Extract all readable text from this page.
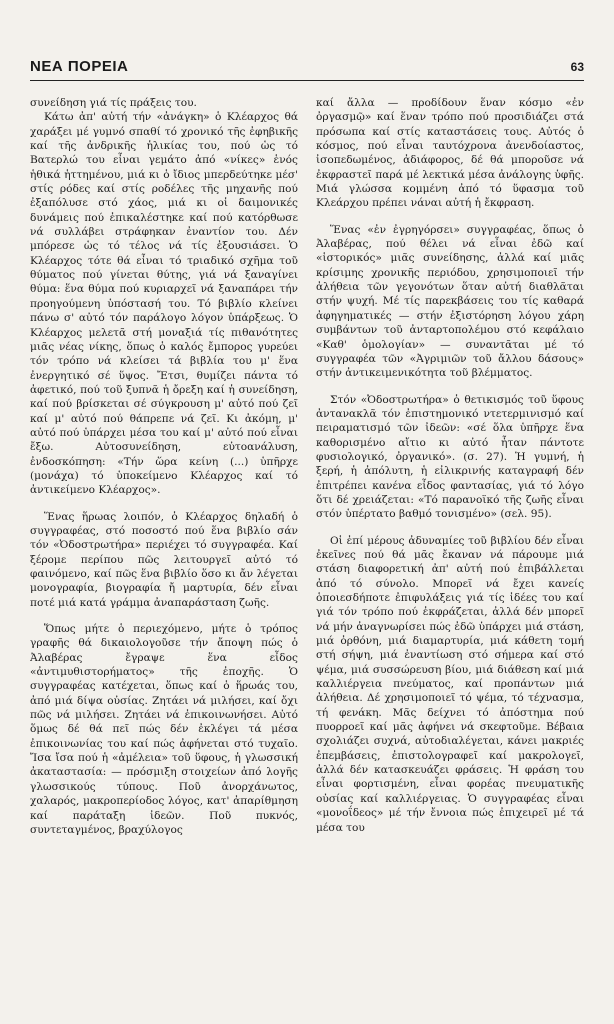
ΝΕΑ ΠΟΡΕΙΑ	63

συνείδηση γιά τίς πράξεις του.

Κάτω ἀπ' αὐτή τήν «ἀνάγκη» ὁ Κλέαρχος θά χαράξει μέ γυμνό σπαθί τό χρονικό τῆς ἐφηβικῆς καί τῆς ἀνδρικῆς ἡλικίας του, πού ὡς τό Βατερλώ του εἶναι γεμάτο ἀπό «νίκες» ἑνός ἡθικά ἡττημένου, μιά κι ὁ ἴδιος μπερδεύτηκε μέσ' στίς ρόδες καί στίς ροδέλες τῆς μηχανῆς πού ἐξαπόλυσε στό χάος, μιά κι οἱ δαιμονικές δυνάμεις πού ἐπικαλέστηκε καί πού κατόρθωσε νά συλλάβει στράφηκαν ἐναντίον του. Δέν μπόρεσε ὡς τό τέλος νά τίς ἐξουσιάσει. Ὁ Κλέαρχος τότε θά εἶναι τό τριαδικό σχῆμα τοῦ θύματος πού γίνεται θύτης, γιά νά ξαναγίνει θύμα: ἕνα θύμα πού κυριαρχεῖ νά ξαναπάρει τήν προηγούμενη ὑπόστασή του. Τό βιβλίο κλείνει πάνω σ' αὐτό τόν παράλογο λόγον ὑπάρξεως. Ὁ Κλέαρχος μελετᾶ στή μοναξιά τίς πιθανότητες μιᾶς νέας νίκης, ὅπως ὁ καλός ἔμπορος γυρεύει τόν τρόπο νά κλείσει τά βιβλία του μ' ἕνα ἐνεργητικό σέ ὕψος. Ἔτσι, θυμίζει πάντα τό ἀφετικό, πού τοῦ ξυπνᾶ ἡ ὄρεξη καί ἡ συνείδηση, καί πού βρίσκεται σέ σύγκρουση μ' αὐτό πού ζεῖ καί μ' αὐτό πού θάπρεπε νά ζεῖ. Κι ἀκόμη, μ' αὐτό πού ὑπάρχει μέσα του καί μ' αὐτό πού εἶναι ἔξω. Αὐτοσυνείδηση, εὐτοανάλυση, ἐνδοσκόπηση: «Τήν ὥρα κείνη (...) ὑπῆρχε (μονάχα) τό ὑποκείμενο Κλέαρχος καί τό ἀντικείμενο Κλέαρχος».

Ἕνας ἥρωας λοιπόν, ὁ Κλέαρχος δηλαδή ὁ συγγραφέας, στό ποσοστό πού ἕνα βιβλίο σάν τόν «Ὀδοστρωτήρα» περιέχει τό συγγραφέα. Καί ξέρομε περίπου πῶς λειτουργεῖ αὐτό τό φαινόμενο, καί πῶς ἕνα βιβλίο ὅσο κι ἄν λέγεται μονογραφία, βιογραφία ἤ μαρτυρία, δέν εἶναι ποτέ μιά κατά γράμμα ἀναπαράσταση ζωῆς.

Ὅπως μήτε ὁ περιεχόμενο, μήτε ὁ τρόπος γραφῆς θά δικαιολογοῦσε τήν ἄποψη πώς ὁ Ἀλαβέρας ἔγραψε ἕνα εἶδος «ἀντιμυθιστορήματος» τῆς ἐποχῆς. Ὁ συγγραφέας κατέχεται, ὅπως καί ὁ ἥρωάς του, ἀπό μιά δίψα οὐσίας. Ζητάει νά μιλήσει, καί ὄχι πῶς νά μιλήσει. Ζητάει νά ἐπικοινωνήσει. Αὐτό ὅμως δέ θά πεῖ πώς δέν ἐκλέγει τά μέσα ἐπικοινωνίας του καί πώς ἀφήνεται στό τυχαῖο. Ἴσα ἴσα πού ἡ «ἀμέλεια» τοῦ ὕφους, ἡ γλωσσική ἀκαταστασία: — πρόσμιξη στοιχείων ἀπό λογῆς γλωσσικούς τύπους. Ποῦ ἀνορχάνωτος, χαλαρός, μακροπερίοδος λόγος, κατ' ἀπαρίθμηση καί παράταξη ἰδεῶν. Ποῦ πυκνός, συντεταγμένος, βραχύλογος

καί ἄλλα — προδίδουν ἕναν κόσμο «ἐν ὀργασμῷ» καί ἕναν τρόπο πού προσιδιάζει στά πρόσωπα καί στίς καταστάσεις τους. Αὐτός ὁ κόσμος, πού εἶναι ταυτόχρονα ἀνενδοίαστος, ἰσοπεδωμένος, ἀδιάφορος, δέ θά μποροῦσε νά ἐκφραστεῖ παρά μέ λεκτικά μέσα ἀνάλογης ὑφῆς. Μιά γλώσσα κομμένη ἀπό τό ὕφασμα τοῦ Κλεάρχου πρέπει νάναι αὐτή ἡ ἔκφραση.

Ἕνας «ἐν ἐγρηγόρσει» συγγραφέας, ὅπως ὁ Ἀλαβέρας, πού θέλει νά εἶναι ἐδῶ καί «ἱστορικός» μιᾶς συνείδησης, ἀλλά καί μιᾶς κρίσιμης χρονικῆς περιόδου, χρησιμοποιεῖ τήν ἀλήθεια τῶν γεγονότων ὅταν αὐτή διαθλᾶται στήν ψυχή. Μέ τίς παρεκβάσεις του τίς καθαρά ἀφηγηματικές — στήν ἐξιστόρηση λόγου χάρη συμβάντων τοῦ ἀνταρτοπολέμου στό κεφάλαιο «Καθ' ὁμολογίαν» — συναντᾶται μέ τό συγγραφέα τῶν «Ἀγριμιῶν τοῦ ἄλλου δάσους» στήν ἀντικειμενικότητα τοῦ βλέμματος.

Στόν «Ὀδοστρωτήρα» ὁ θετικισμός τοῦ ὕφους ἀντανακλᾶ τόν ἐπιστημονικό ντετερμινισμό καί πειραματισμό τῶν ἰδεῶν: «σέ ὅλα ὑπῆρχε ἕνα καθορισμένο αἴτιο κι αὐτό ἦταν πάντοτε φυσιολογικό, ὀργανικό». (σ. 27). Ἡ γυμνή, ἡ ξερή, ἡ ἀπόλυτη, ἡ εἰλικρινής καταγραφή δέν ἐπιτρέπει κανένα εἶδος φαντασίας, γιά τό λόγο ὅτι δέ χρειάζεται: «Τό παρανοϊκό τῆς ζωῆς εἶναι στόν ὑπέρτατο βαθμό τονισμένο» (σελ. 95).

Οἱ ἐπί μέρους ἀδυναμίες τοῦ βιβλίου δέν εἶναι ἐκεῖνες πού θά μᾶς ἔκαναν νά πάρουμε μιά στάση διαφορετική ἀπ' αὐτή πού ἐπιβάλλεται ἀπό τό σύνολο. Μπορεῖ νά ἔχει κανείς ὁποιεσδήποτε ἐπιφυλάξεις γιά τίς ἰδέες του καί γιά τόν τρόπο πού ἐκφράζεται, ἀλλά δέν μπορεῖ νά μήν ἀναγνωρίσει πώς ἐδῶ ὑπάρχει μιά στάση, μιά ὀρθόνη, μιά διαμαρτυρία, μιά κάθετη τομή στή σήψη, μιά ἐναντίωση στό σήμερα καί στό ψέμα, μιά συσσώρευση βίου, μιά διάθεση καί μιά καλλιέργεια πνεύματος, καί προπάντων μιά ἀλήθεια. Δέ χρησιμοποιεῖ τό ψέμα, τό τέχνασμα, τή φενάκη. Μᾶς δείχνει τό ἀπόστημα πού πυορροεῖ καί μᾶς ἀφήνει νά σκεφτοῦμε. Βέβαια σχολιάζει συχνά, αὐτοδιαλέγεται, κάνει μακριές ἐπεμβάσεις, ἐπιστολογραφεῖ καί μακρολογεῖ, ἀλλά δέν κατασκευάζει φράσεις. Ἡ φράση του εἶναι φορτισμένη, εἶναι φορέας πνευματικῆς οὐσίας καί καλλιέργειας. Ὁ συγγραφέας εἶναι «μονοΐδεος» μέ τήν ἔννοια πώς ἐπιχειρεῖ μέ τά μέσα του
